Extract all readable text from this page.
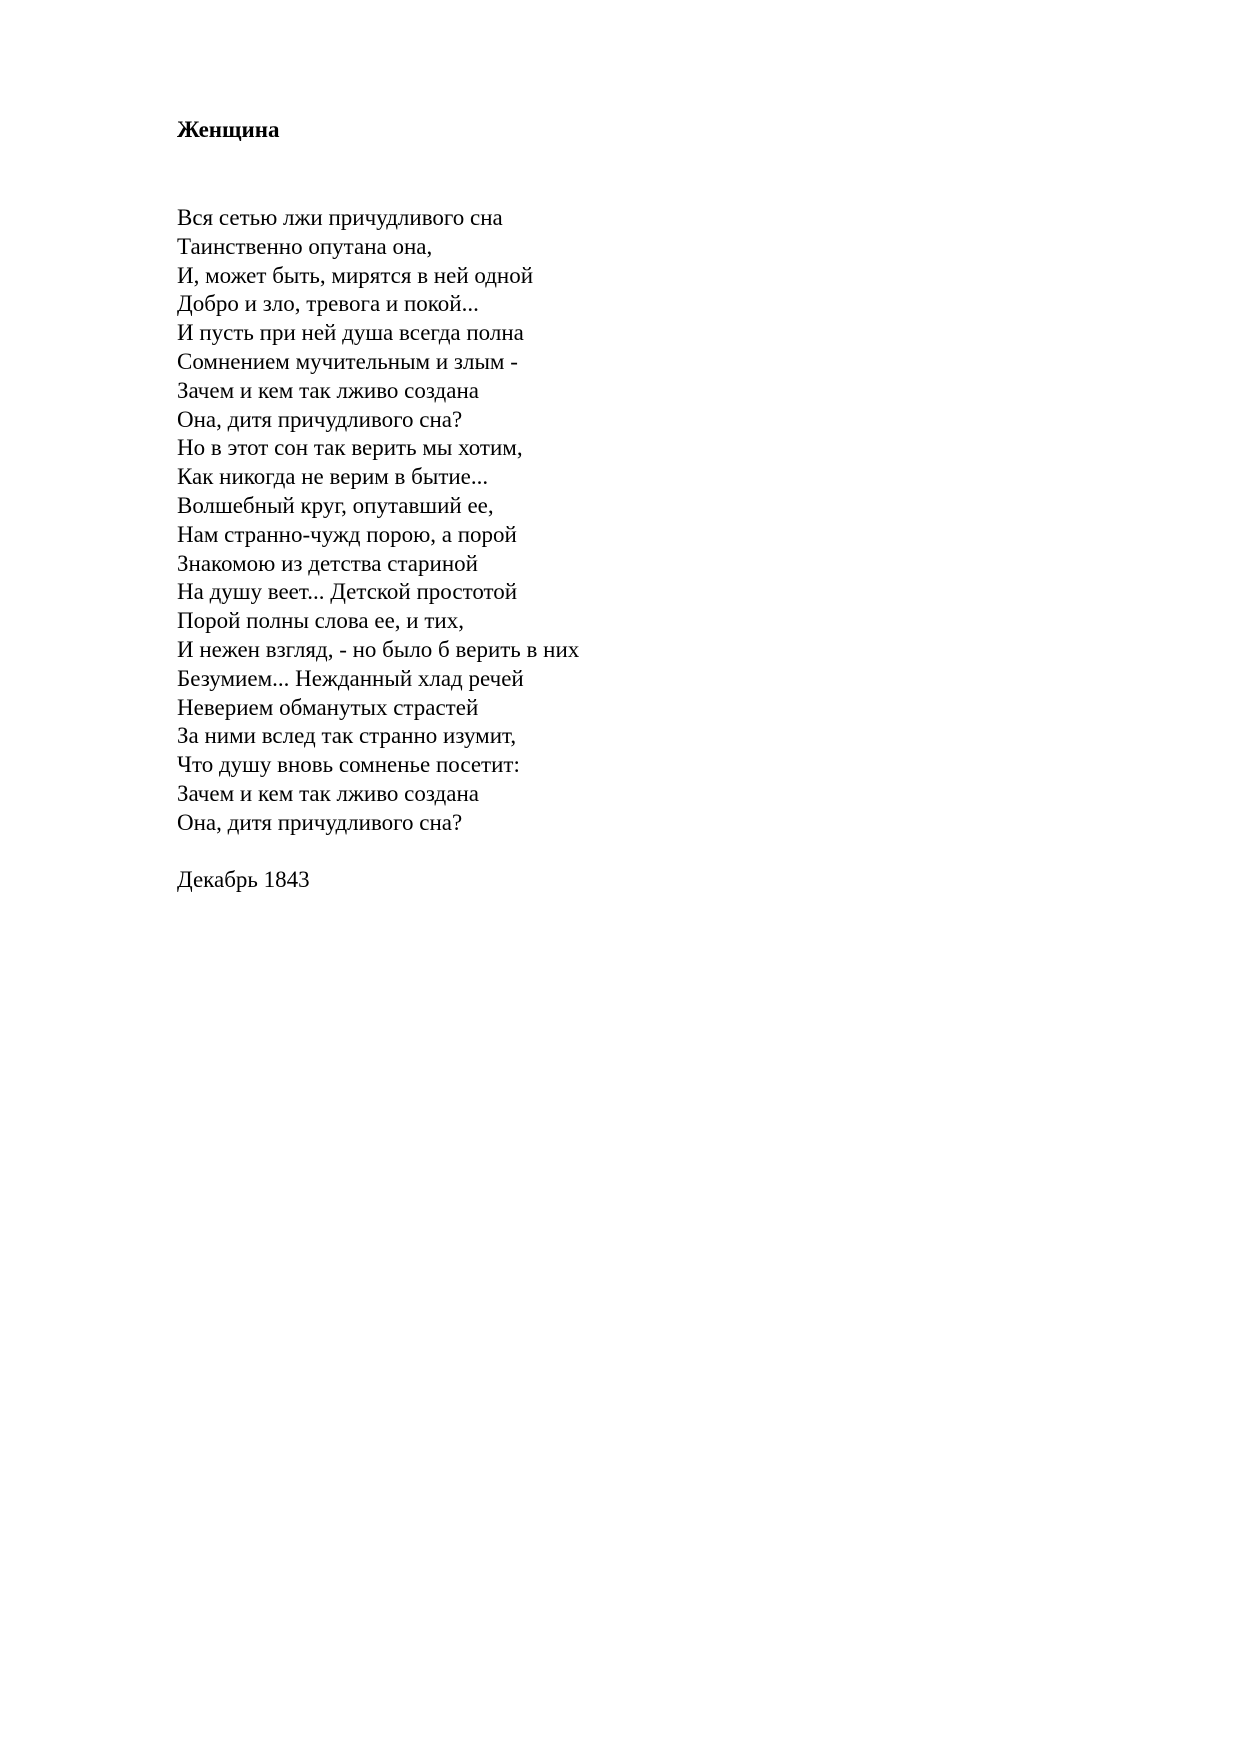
Женщина
Вся сетью лжи причудливого сна
Таинственно опутана она,
И, может быть, мирятся в ней одной
Добро и зло, тревога и покой...
И пусть при ней душа всегда полна
Сомнением мучительным и злым -
Зачем и кем так лживо создана
Она, дитя причудливого сна?
Но в этот сон так верить мы хотим,
Как никогда не верим в бытие...
Волшебный круг, опутавший ее,
Нам странно-чужд порою, а порой
Знакомою из детства стариной
На душу веет... Детской простотой
Порой полны слова ее, и тих,
И нежен взгляд, - но было б верить в них
Безумием... Нежданный хлад речей
Неверием обманутых страстей
За ними вслед так странно изумит,
Что душу вновь сомненье посетит:
Зачем и кем так лживо создана
Она, дитя причудливого сна?
Декабрь 1843
